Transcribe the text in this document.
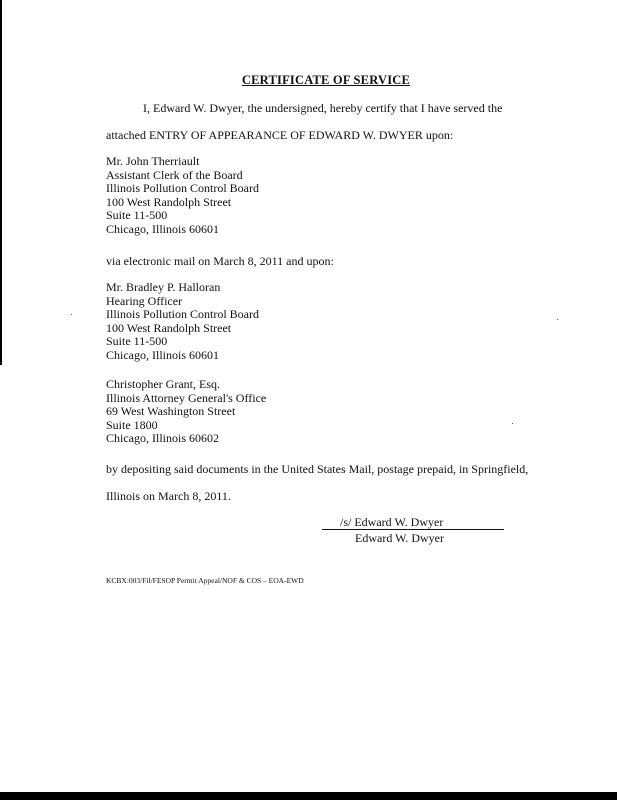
CERTIFICATE OF SERVICE
I, Edward W. Dwyer, the undersigned, hereby certify that I have served the
attached ENTRY OF APPEARANCE OF EDWARD W. DWYER upon:
Mr. John Therriault
Assistant Clerk of the Board
Illinois Pollution Control Board
100 West Randolph Street
Suite 11-500
Chicago, Illinois 60601
via electronic mail on March 8, 2011 and upon:
Mr. Bradley P. Halloran
Hearing Officer
Illinois Pollution Control Board
100 West Randolph Street
Suite 11-500
Chicago, Illinois 60601
Christopher Grant, Esq.
Illinois Attorney General's Office
69 West Washington Street
Suite 1800
Chicago, Illinois 60602
by depositing said documents in the United States Mail, postage prepaid, in Springfield,
Illinois on March 8, 2011.
/s/ Edward W. Dwyer
Edward W. Dwyer
KCBX:003/Fil/FESOP Permit Appeal/NOF & COS – EOA-EWD
